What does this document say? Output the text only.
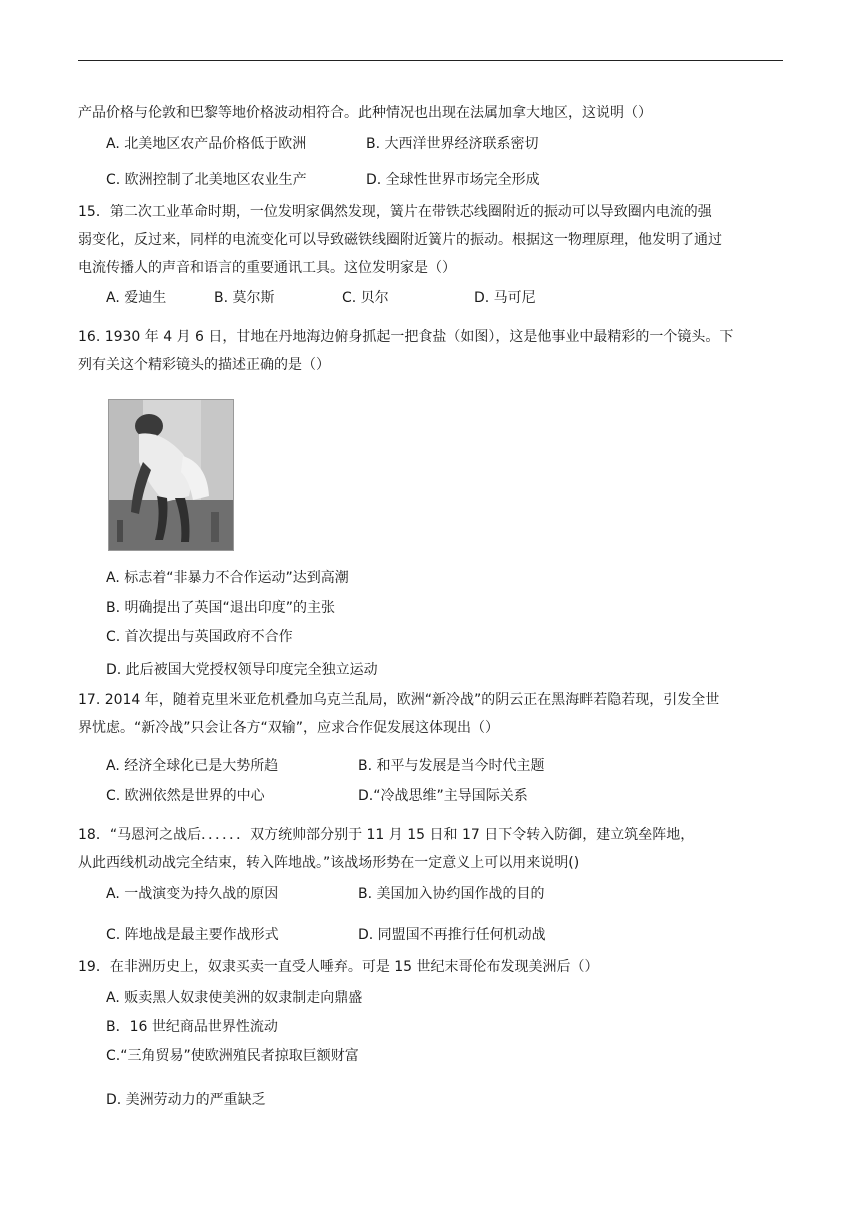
产品价格与伦敦和巴黎等地价格波动相符合。此种情况也出现在法属加拿大地区，这说明（）
A. 北美地区农产品价格低于欧洲	B. 大西洋世界经济联系密切
C. 欧洲控制了北美地区农业生产	D. 全球性世界市场完全形成
15．第二次工业革命时期，一位发明家偶然发现，簧片在带铁芯线圈附近的振动可以导致圈内电流的强
弱变化，反过来，同样的电流变化可以导致磁铁线圈附近簧片的振动。根据这一物理原理，他发明了通过
电流传播人的声音和语言的重要通讯工具。这位发明家是（）
A. 爱迪生	B. 莫尔斯	C. 贝尔	D. 马可尼
16. 1930 年 4 月 6 日，甘地在丹地海边俯身抓起一把食盐（如图），这是他事业中最精彩的一个镜头。下
列有关这个精彩镜头的描述正确的是（）
A. 标志着“非暴力不合作运动”达到高潮
B. 明确提出了英国“退出印度”的主张
C. 首次提出与英国政府不合作
D. 此后被国大党授权领导印度完全独立运动
17. 2014 年，随着克里米亚危机叠加乌克兰乱局，欧洲“新冷战”的阴云正在黑海畔若隐若现，引发全世
界忧虑。“新冷战”只会让各方“双输”，应求合作促发展这体现出（）
A. 经济全球化已是大势所趋	B. 和平与发展是当今时代主题
C. 欧洲依然是世界的中心	D.“冷战思维”主导国际关系
18．“马恩河之战后．．．．．．双方统帅部分别于 11 月 15 日和 17 日下令转入防御，建立筑垒阵地，
从此西线机动战完全结束，转入阵地战。”该战场形势在一定意义上可以用来说明()
A. 一战演变为持久战的原因	B. 美国加入协约国作战的目的
C. 阵地战是最主要作战形式	D. 同盟国不再推行任何机动战
19．在非洲历史上，奴隶买卖一直受人唾弃。可是 15 世纪末哥伦布发现美洲后（）
A. 贩卖黑人奴隶使美洲的奴隶制走向鼎盛
B．16 世纪商品世界性流动
C.“三角贸易”使欧洲殖民者掠取巨额财富
D. 美洲劳动力的严重缺乏
